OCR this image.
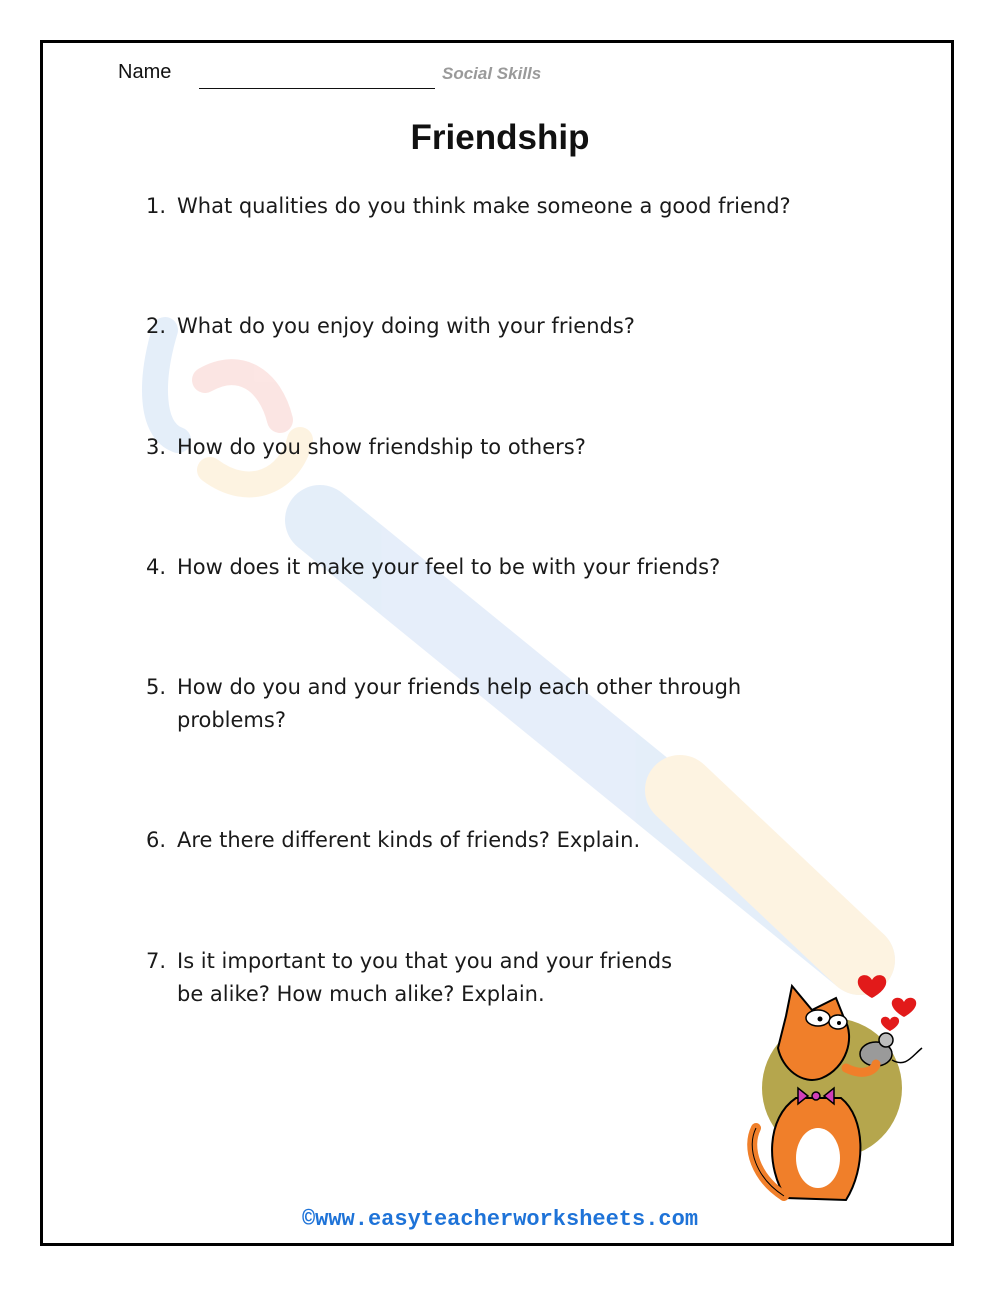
Name	Social Skills
Friendship
1. What qualities do you think make someone a good friend?
2. What do you enjoy doing with your friends?
3. How do you show friendship to others?
4. How does it make your feel to be with your friends?
5. How do you and your friends help each other through problems?
6. Are there different kinds of friends? Explain.
7. Is it important to you that you and your friends be alike? How much alike? Explain.
©www.easyteacherworksheets.com
